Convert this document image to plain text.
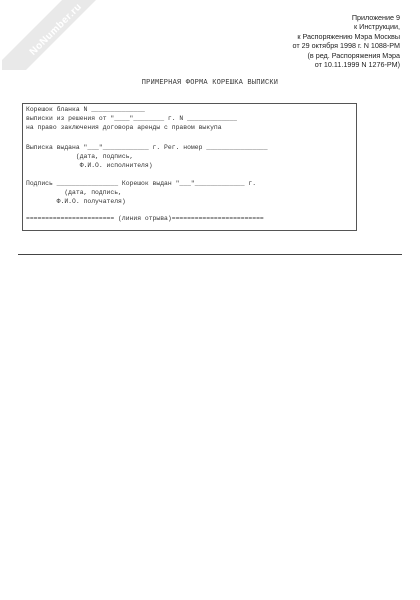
NoNumber.ru	Приложение 9
к Инструкции,
к Распоряжению Мэра Москвы
от 29 октября 1998 г. N 1088-РМ
(в ред. Распоряжения Мэра
от 10.11.1999 N 1276-РМ)
ПРИМЕРНАЯ ФОРМА КОРЕШКА ВЫПИСКИ
Корешок бланка N ______________
выписки из решения от "____"________ г. N _____________
на право заключения договора аренды с правом выкупа
Выписка выдана "___"____________ г. Рег. номер ________________
(дата, подпись,
Ф.И.О. исполнителя)
Подпись ________________ Корешок выдан "___"_____________ г.
(дата, подпись,
Ф.И.О. получателя)
======================= (линия отрыва)========================
